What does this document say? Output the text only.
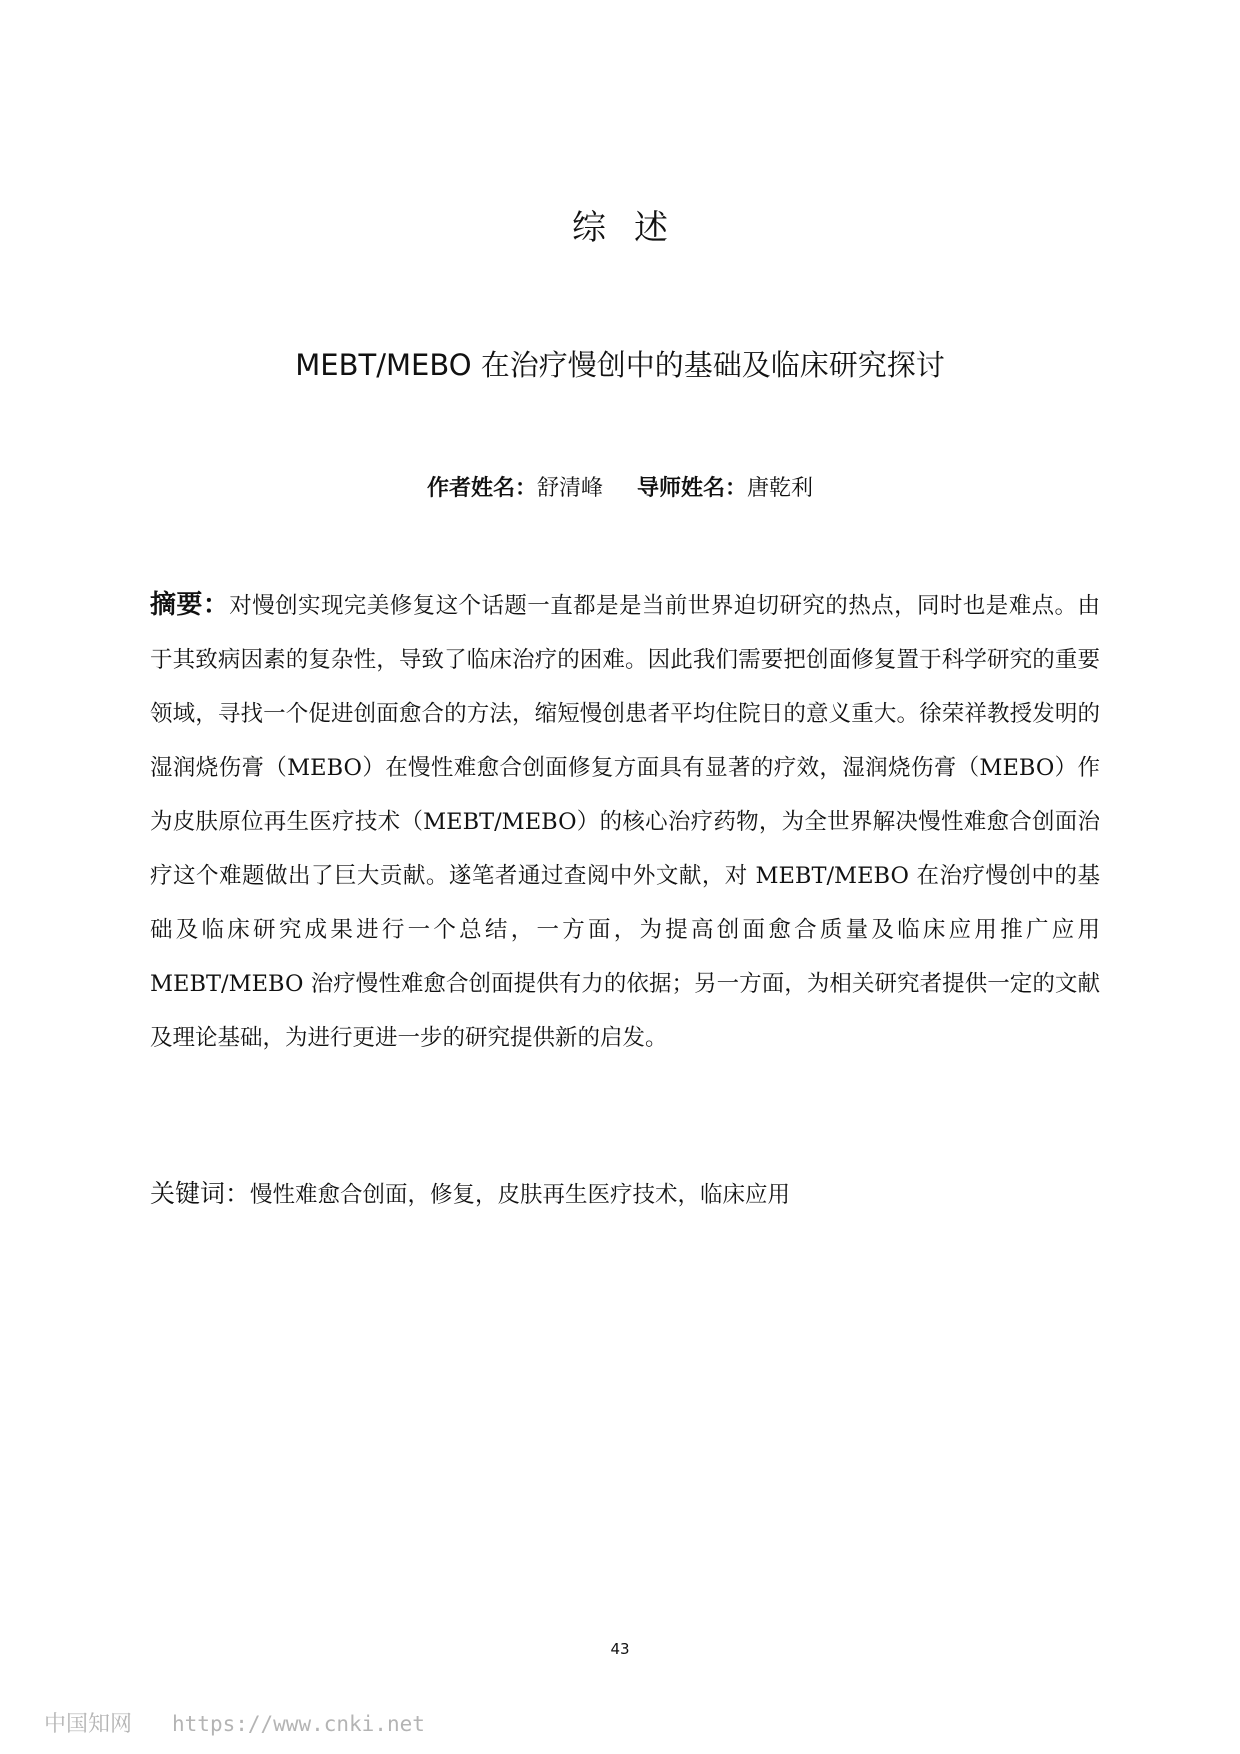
综述
MEBT/MEBO 在治疗慢创中的基础及临床研究探讨
作者姓名：舒清峰 导师姓名：唐乾利

摘要：对慢创实现完美修复这个话题一直都是是当前世界迫切研究的热点，同时也是难点。由于其致病因素的复杂性，导致了临床治疗的困难。因此我们需要把创面修复置于科学研究的重要领域，寻找一个促进创面愈合的方法，缩短慢创患者平均住院日的意义重大。徐荣祥教授发明的湿润烧伤膏（MEBO）在慢性难愈合创面修复方面具有显著的疗效，湿润烧伤膏（MEBO）作为皮肤原位再生医疗技术（MEBT/MEBO）的核心治疗药物，为全世界解决慢性难愈合创面治疗这个难题做出了巨大贡献。遂笔者通过查阅中外文献，对 MEBT/MEBO 在治疗慢创中的基础及临床研究成果进行一个总结，一方面，为提高创面愈合质量及临床应用推广应用 MEBT/MEBO 治疗慢性难愈合创面提供有力的依据；另一方面，为相关研究者提供一定的文献及理论基础，为进行更进一步的研究提供新的启发。

关键词：慢性难愈合创面，修复，皮肤再生医疗技术，临床应用

43
中国知网 https://www.cnki.net
